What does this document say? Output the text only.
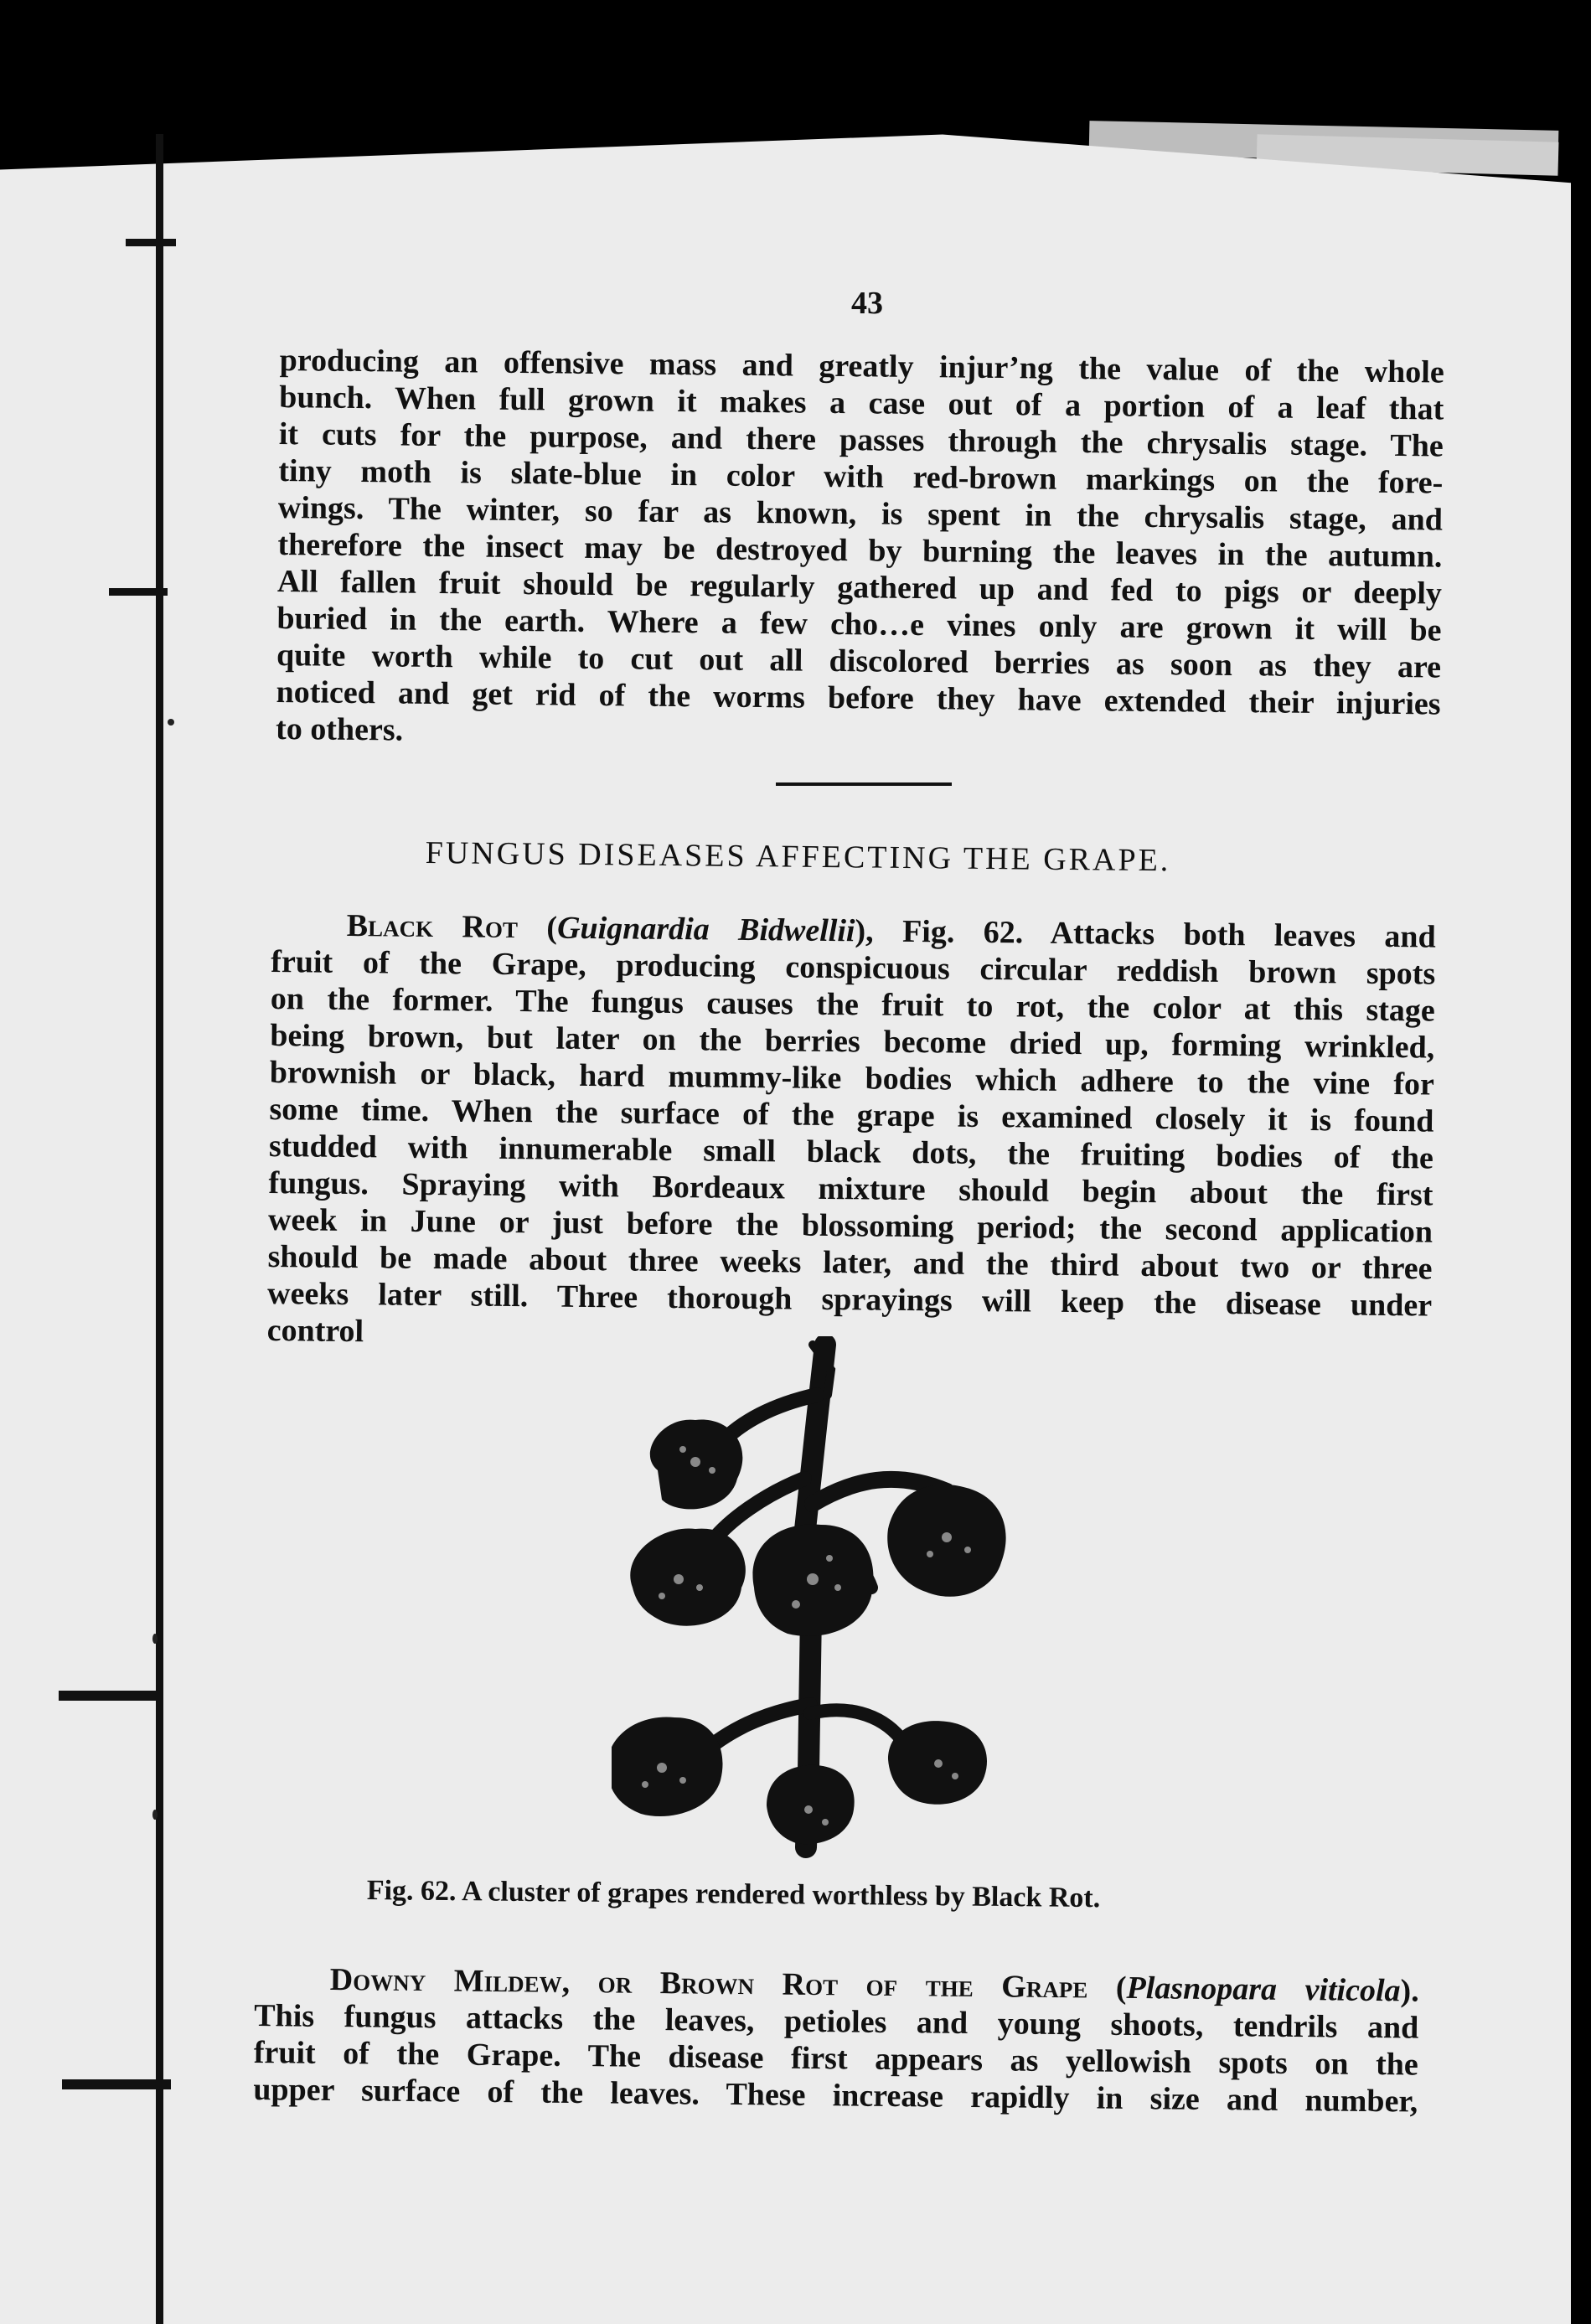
43
producing an offensive mass and greatly injur’ng the value of the whole
bunch. When full grown it makes a case out of a portion of a leaf that
it cuts for the purpose, and there passes through the chrysalis stage. The
tiny moth is slate-blue in color with red-brown markings on the fore-
wings. The winter, so far as known, is spent in the chrysalis stage, and
therefore the insect may be destroyed by burning the leaves in the autumn.
All fallen fruit should be regularly gathered up and fed to pigs or deeply
buried in the earth. Where a few cho…e vines only are grown it will be
quite worth while to cut out all discolored berries as soon as they are
noticed and get rid of the worms before they have extended their injuries
to others.
FUNGUS DISEASES AFFECTING THE GRAPE.
Black Rot (Guignardia Bidwellii), Fig. 62. Attacks both leaves and
fruit of the Grape, producing conspicuous circular reddish brown spots
on the former. The fungus causes the fruit to rot, the color at this stage
being brown, but later on the berries become dried up, forming wrinkled,
brownish or black, hard mummy-like bodies which adhere to the vine for
some time. When the surface of the grape is examined closely it is found
studded with innumerable small black dots, the fruiting bodies of the
fungus. Spraying with Bordeaux mixture should begin about the first
week in June or just before the blossoming period; the second application
should be made about three weeks later, and the third about two or three
weeks later still. Three thorough sprayings will keep the disease under
control
Fig. 62. A cluster of grapes rendered worthless by Black Rot.
Downy Mildew, or Brown Rot of the Grape (Plasnopara viticola).
This fungus attacks the leaves, petioles and young shoots, tendrils and
fruit of the Grape. The disease first appears as yellowish spots on the
upper surface of the leaves. These increase rapidly in size and number,
